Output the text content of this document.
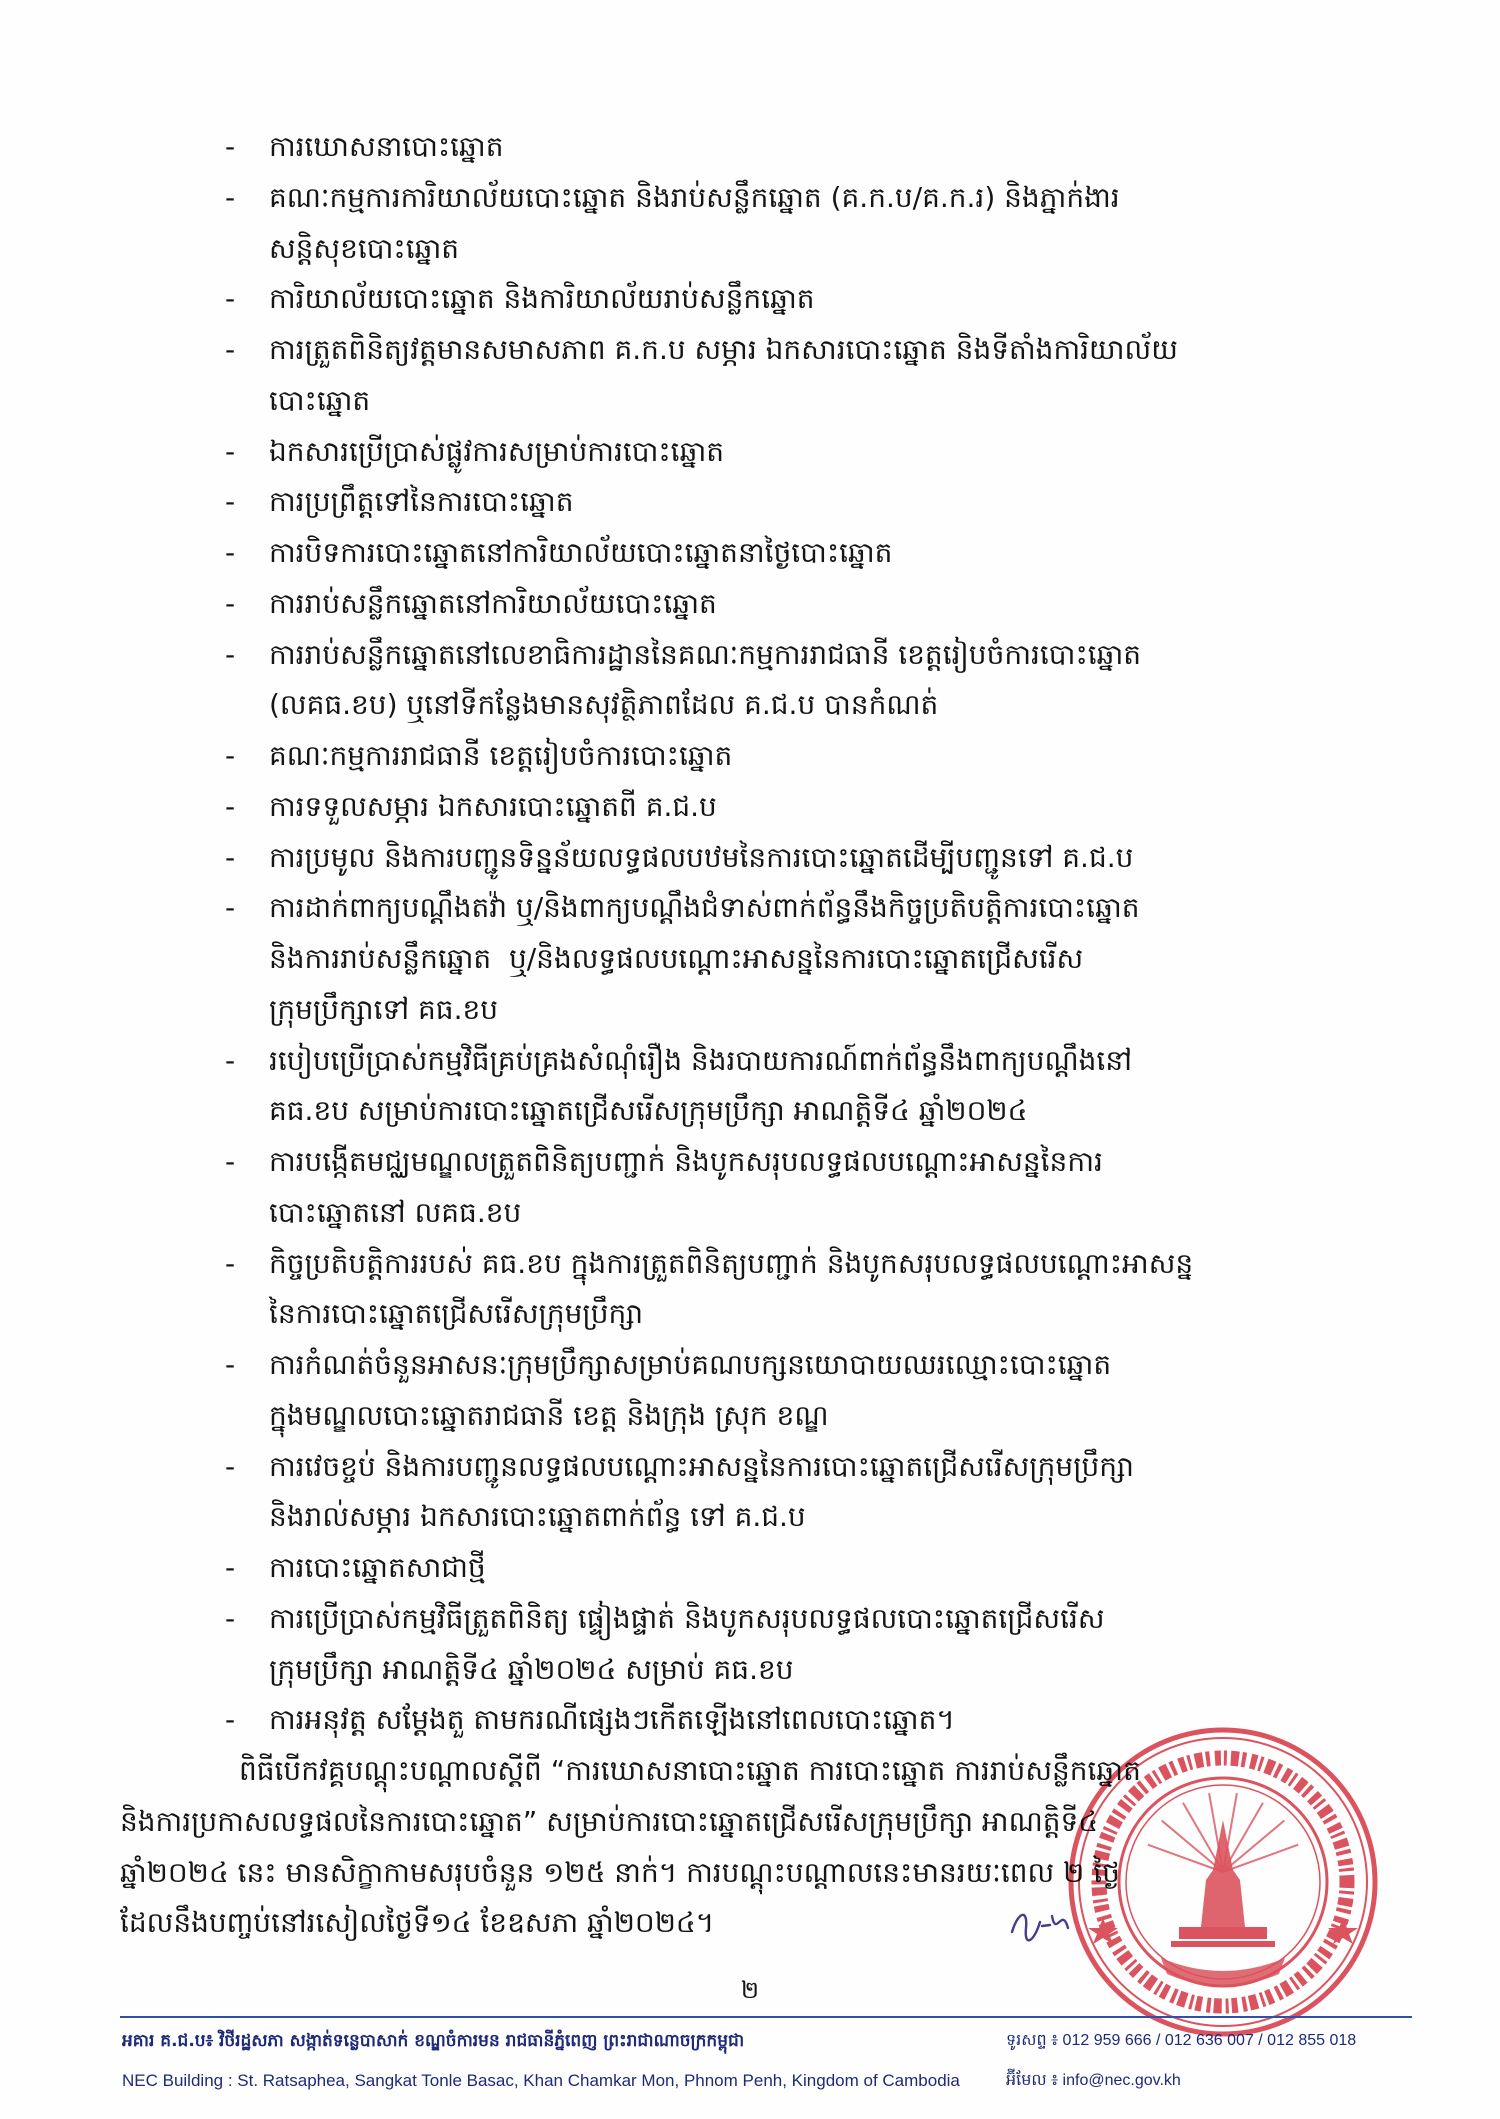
- ការឃោសនាបោះឆ្នោត
- គណៈកម្មការការិយាល័យបោះឆ្នោត និងរាប់សន្លឹកឆ្នោត (គ.ក.ប/គ.ក.រ) និងភ្នាក់ងារ
សន្តិសុខបោះឆ្នោត
- ការិយាល័យបោះឆ្នោត និងការិយាល័យរាប់សន្លឹកឆ្នោត
- ការត្រួតពិនិត្យវត្តមានសមាសភាព គ.ក.ប សម្ភារ ឯកសារបោះឆ្នោត និងទីតាំងការិយាល័យ
បោះឆ្នោត
- ឯកសារប្រើប្រាស់ផ្លូវការសម្រាប់ការបោះឆ្នោត
- ការប្រព្រឹត្តទៅនៃការបោះឆ្នោត
- ការបិទការបោះឆ្នោតនៅការិយាល័យបោះឆ្នោតនាថ្ងៃបោះឆ្នោត
- ការរាប់សន្លឹកឆ្នោតនៅការិយាល័យបោះឆ្នោត
- ការរាប់សន្លឹកឆ្នោតនៅលេខាធិការដ្ឋាននៃគណៈកម្មការរាជធានី ខេត្តរៀបចំការបោះឆ្នោត
(លគធ.ខប) ឬនៅទីកន្លែងមានសុវត្ថិភាពដែល គ.ជ.ប បានកំណត់
- គណៈកម្មការរាជធានី ខេត្តរៀបចំការបោះឆ្នោត
- ការទទួលសម្ភារ ឯកសារបោះឆ្នោតពី គ.ជ.ប
- ការប្រមូល និងការបញ្ជូនទិន្នន័យលទ្ធផលបឋមនៃការបោះឆ្នោតដើម្បីបញ្ជូនទៅ គ.ជ.ប
- ការដាក់ពាក្យបណ្តឹងតវ៉ា ឬ/និងពាក្យបណ្តឹងជំទាស់ពាក់ព័ន្ធនឹងកិច្ចប្រតិបត្តិការបោះឆ្នោត
និងការរាប់សន្លឹកឆ្នោត  ឬ/និងលទ្ធផលបណ្តោះអាសន្ននៃការបោះឆ្នោតជ្រើសរើស
ក្រុមប្រឹក្សាទៅ គធ.ខប
- របៀបប្រើប្រាស់កម្មវិធីគ្រប់គ្រងសំណុំរឿង និងរបាយការណ៍ពាក់ព័ន្ធនឹងពាក្យបណ្តឹងនៅ
គធ.ខប សម្រាប់ការបោះឆ្នោតជ្រើសរើសក្រុមប្រឹក្សា អាណត្តិទី៤ ឆ្នាំ២០២៤
- ការបង្កើតមជ្ឈមណ្ឌលត្រួតពិនិត្យបញ្ជាក់ និងបូកសរុបលទ្ធផលបណ្តោះអាសន្ននៃការ
បោះឆ្នោតនៅ លគធ.ខប
- កិច្ចប្រតិបត្តិការរបស់ គធ.ខប ក្នុងការត្រួតពិនិត្យបញ្ជាក់ និងបូកសរុបលទ្ធផលបណ្តោះអាសន្ន
នៃការបោះឆ្នោតជ្រើសរើសក្រុមប្រឹក្សា
- ការកំណត់ចំនួនអាសនៈក្រុមប្រឹក្សាសម្រាប់គណបក្សនយោបាយឈរឈ្មោះបោះឆ្នោត
ក្នុងមណ្ឌលបោះឆ្នោតរាជធានី ខេត្ត និងក្រុង ស្រុក ខណ្ឌ
- ការវេចខ្ចប់ និងការបញ្ជូនលទ្ធផលបណ្តោះអាសន្ននៃការបោះឆ្នោតជ្រើសរើសក្រុមប្រឹក្សា
និងរាល់សម្ភារ ឯកសារបោះឆ្នោតពាក់ព័ន្ធ ទៅ គ.ជ.ប
- ការបោះឆ្នោតសាជាថ្មី
- ការប្រើប្រាស់កម្មវិធីត្រួតពិនិត្យ ផ្ទៀងផ្ទាត់ និងបូកសរុបលទ្ធផលបោះឆ្នោតជ្រើសរើស
ក្រុមប្រឹក្សា អាណត្តិទី៤ ឆ្នាំ២០២៤ សម្រាប់ គធ.ខប
- ការអនុវត្ត សម្តែងតួ តាមករណីផ្សេងៗកើតឡើងនៅពេលបោះឆ្នោត។
ពិធីបើកវគ្គបណ្តុះបណ្តាលស្តីពី “ការឃោសនាបោះឆ្នោត ការបោះឆ្នោត ការរាប់សន្លឹកឆ្នោត
និងការប្រកាសលទ្ធផលនៃការបោះឆ្នោត” សម្រាប់ការបោះឆ្នោតជ្រើសរើសក្រុមប្រឹក្សា អាណត្តិទី៤
ឆ្នាំ២០២៤ នេះ មានសិក្ខាកាមសរុបចំនួន ១២៥ នាក់។ ការបណ្តុះបណ្តាលនេះមានរយៈពេល ២ ថ្ងៃ
ដែលនឹងបញ្ចប់នៅរសៀលថ្ងៃទី១៤ ខែឧសភា ឆ្នាំ២០២៤។
២
អគារ គ.ជ.ប៖ វិថីរដ្ឋសភា សង្កាត់ទន្លេបាសាក់ ខណ្ឌចំការមន រាជធានីភ្នំពេញ ព្រះរាជាណាចក្រកម្ពុជា	ទូរសព្ទ ៖ 012 959 666 / 012 636 007 / 012 855 018
NEC Building : St. Ratsaphea, Sangkat Tonle Basac, Khan Chamkar Mon, Phnom Penh, Kingdom of Cambodia	អ៊ីមែល ៖ info@nec.gov.kh
